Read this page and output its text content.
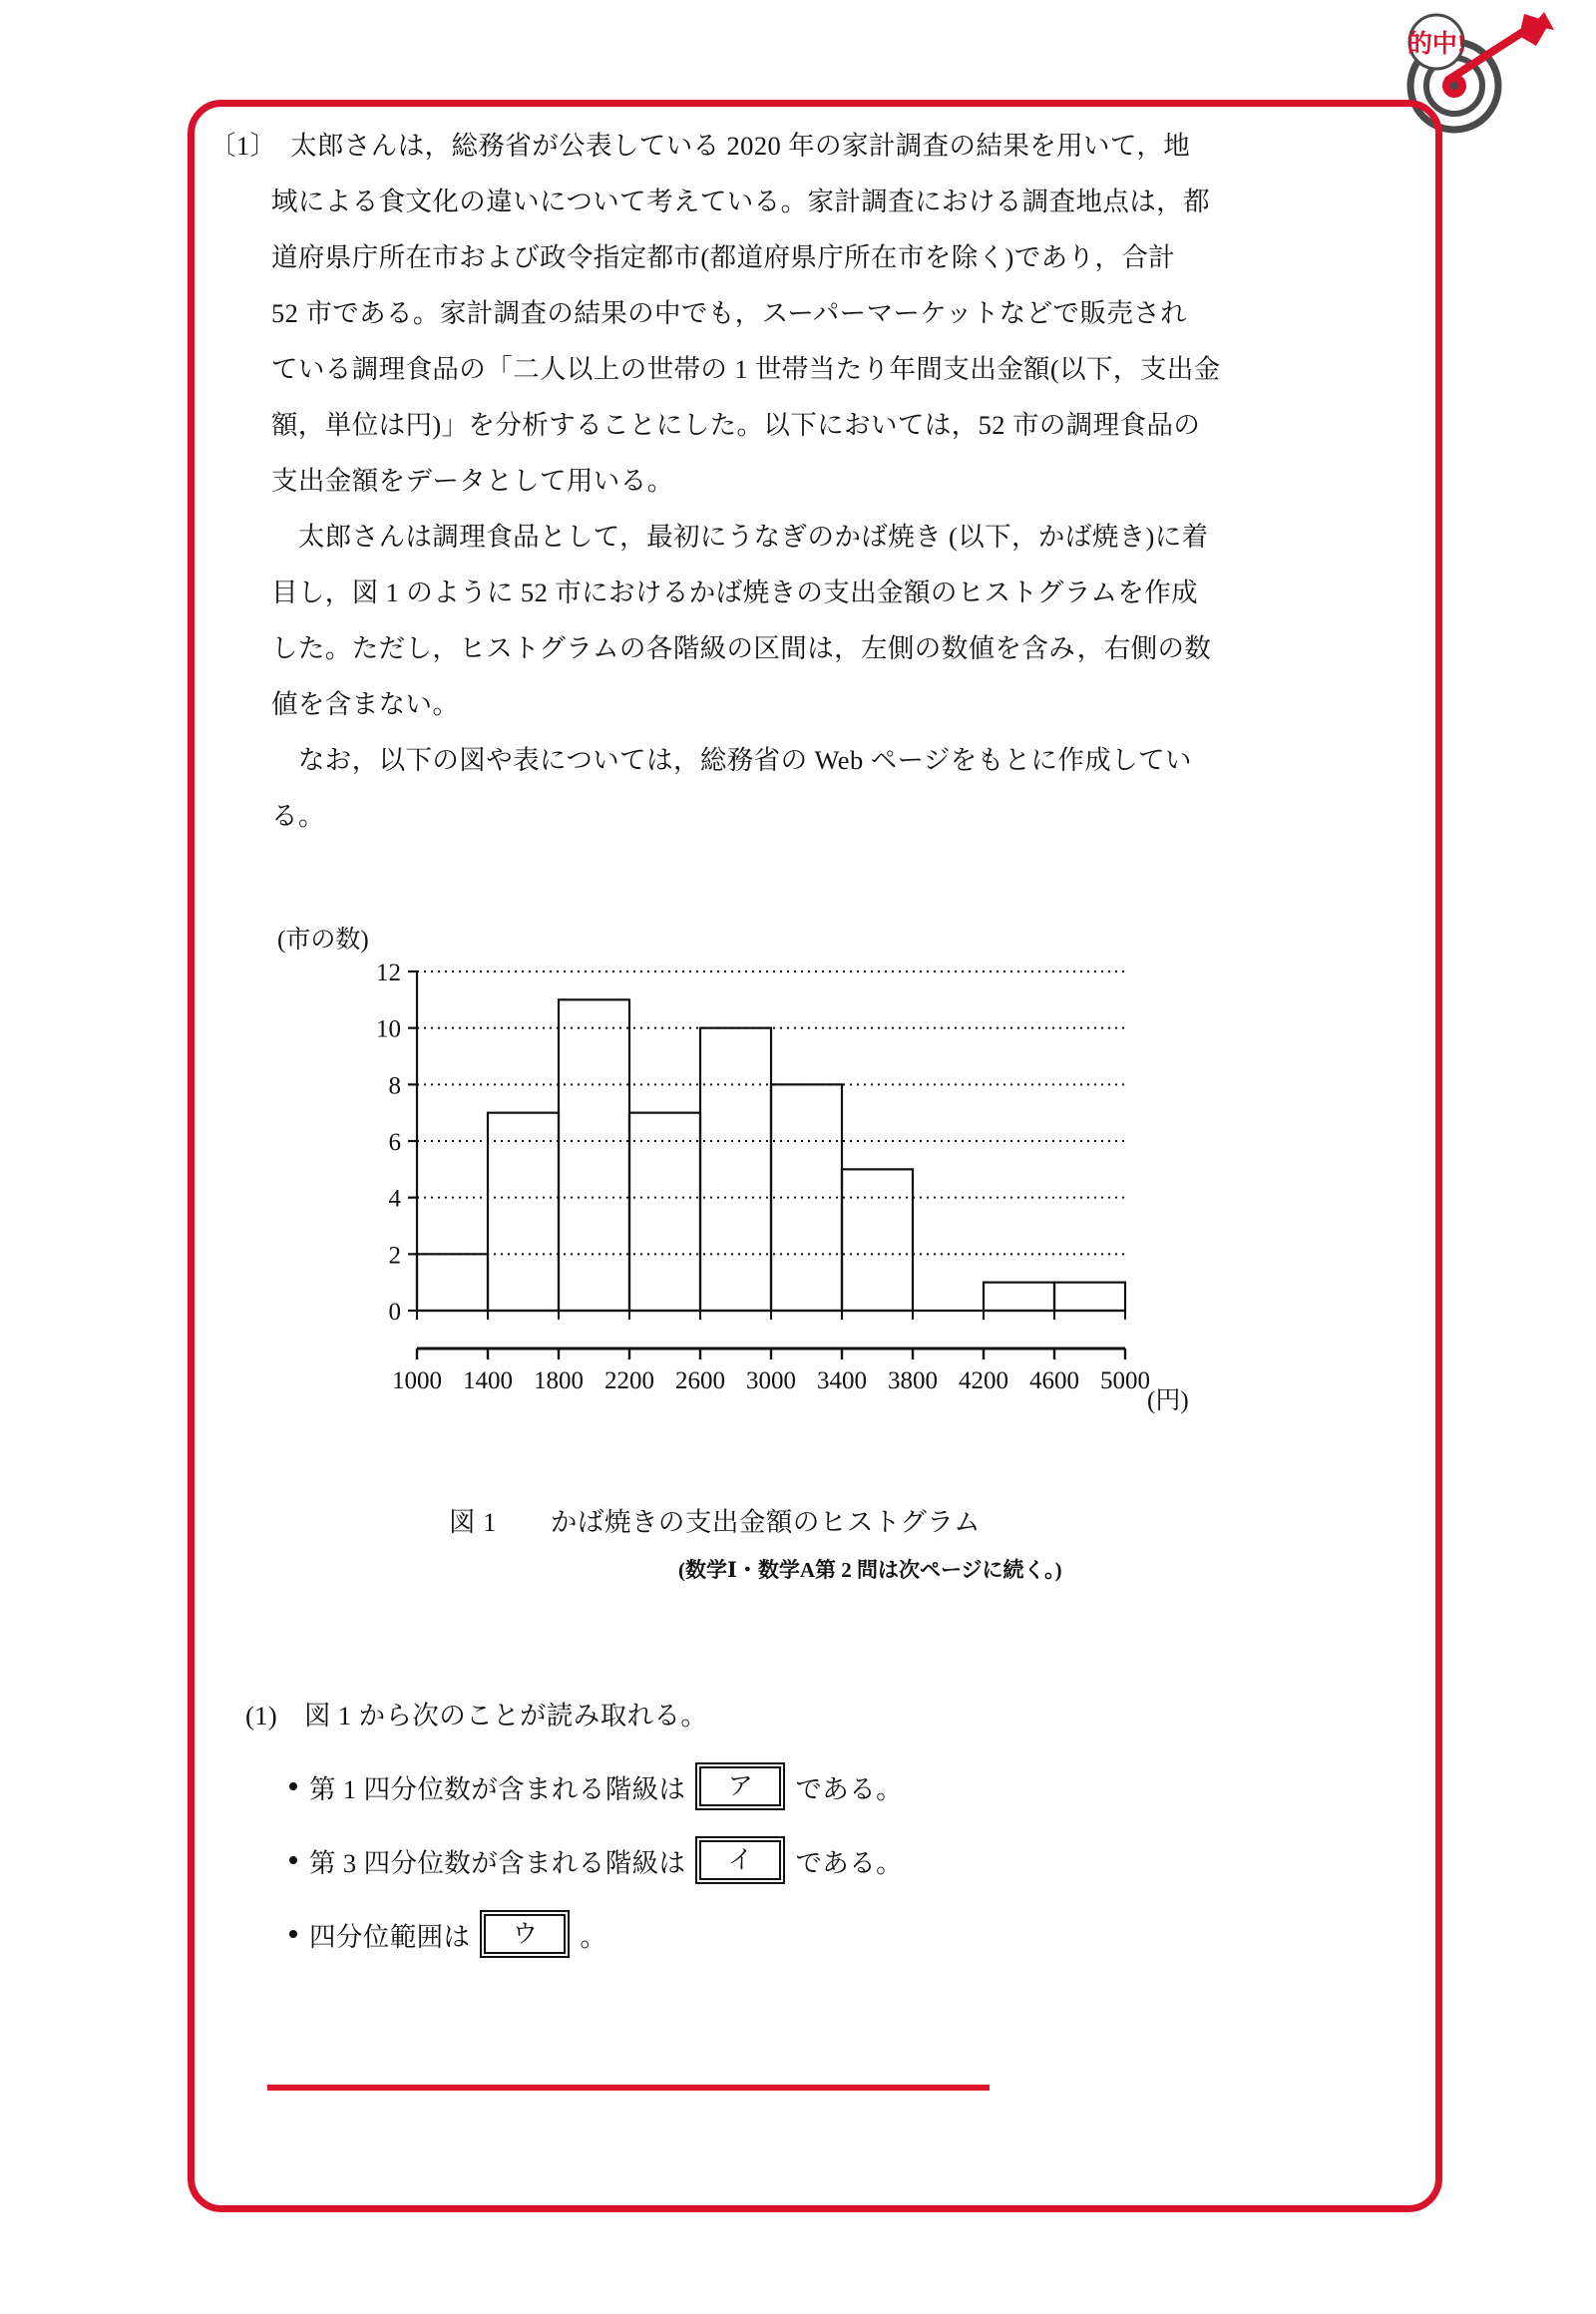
的中!
〔1〕　太郎さんは，総務省が公表している 2020 年の家計調査の結果を用いて，地
域による食文化の違いについて考えている。家計調査における調査地点は，都
道府県庁所在市および政令指定都市(都道府県庁所在市を除く)であり，合計
52 市である。家計調査の結果の中でも，スーパーマーケットなどで販売され
ている調理食品の「二人以上の世帯の 1 世帯当たり年間支出金額(以下，支出金
額，単位は円)」を分析することにした。以下においては，52 市の調理食品の
支出金額をデータとして用いる。
　太郎さんは調理食品として，最初にうなぎのかば焼き (以下，かば焼き)に着
目し，図 1 のように 52 市におけるかば焼きの支出金額のヒストグラムを作成
した。ただし，ヒストグラムの各階級の区間は，左側の数値を含み，右側の数
値を含まない。
　なお，以下の図や表については，総務省の Web ページをもとに作成してい
る。
(市の数)
0
2
4
6
8
10
12
1000 1400 1800 2200 2600 3000 3400 3800 4200 4600 5000
(円)
図 1　　かば焼きの支出金額のヒストグラム
(数学Ⅰ・数学A第 2 問は次ページに続く。)
(1)　図 1 から次のことが読み取れる。
第 1 四分位数が含まれる階級は	ア	である。
第 3 四分位数が含まれる階級は	イ	である。
四分位範囲は	ウ	。
